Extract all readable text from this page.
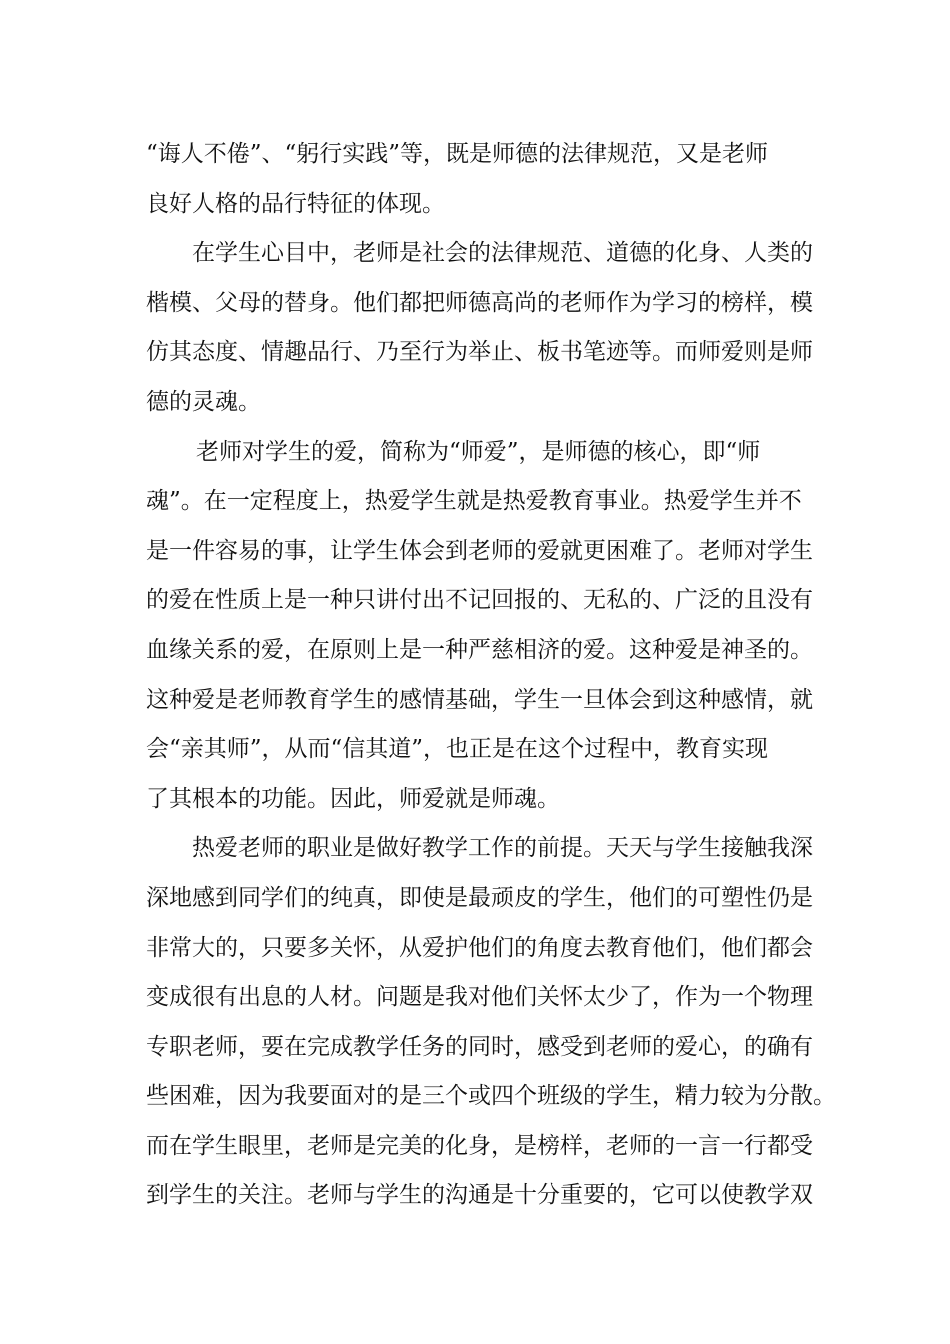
“诲人不倦”、“躬行实践”等，既是师德的法律规范，又是老师
良好人格的品行特征的体现。
在学生心目中，老师是社会的法律规范、道德的化身、人类的
楷模、父母的替身。他们都把师德高尚的老师作为学习的榜样，模
仿其态度、情趣品行、乃至行为举止、板书笔迹等。而师爱则是师
德的灵魂。
老师对学生的爱，简称为“师爱”，是师德的核心，即“师
魂”。在一定程度上，热爱学生就是热爱教育事业。热爱学生并不
是一件容易的事，让学生体会到老师的爱就更困难了。老师对学生
的爱在性质上是一种只讲付出不记回报的、无私的、广泛的且没有
血缘关系的爱，在原则上是一种严慈相济的爱。这种爱是神圣的。
这种爱是老师教育学生的感情基础，学生一旦体会到这种感情，就
会“亲其师”，从而“信其道”，也正是在这个过程中，教育实现
了其根本的功能。因此，师爱就是师魂。
热爱老师的职业是做好教学工作的前提。天天与学生接触我深
深地感到同学们的纯真，即使是最顽皮的学生，他们的可塑性仍是
非常大的，只要多关怀，从爱护他们的角度去教育他们，他们都会
变成很有出息的人材。问题是我对他们关怀太少了，作为一个物理
专职老师，要在完成教学任务的同时，感受到老师的爱心，的确有
些困难，因为我要面对的是三个或四个班级的学生，精力较为分散。
而在学生眼里，老师是完美的化身，是榜样，老师的一言一行都受
到学生的关注。老师与学生的沟通是十分重要的，它可以使教学双
